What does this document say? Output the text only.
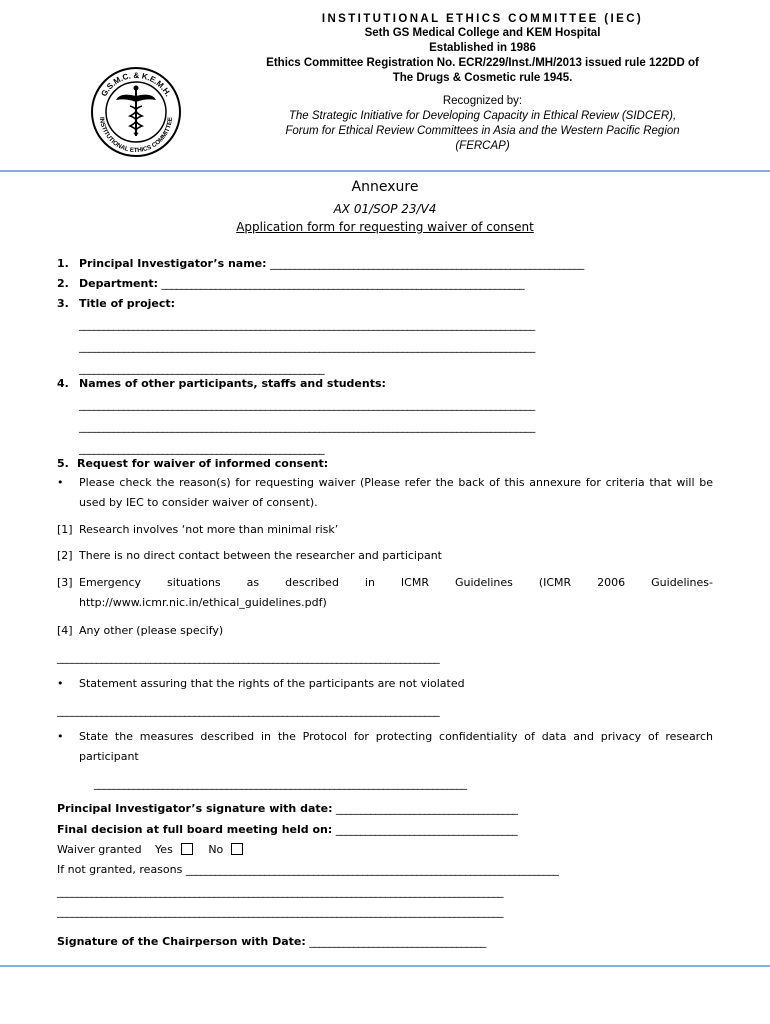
G.S.M.C. & K.E.M.H.
INSTITUTIONAL ETHICS COMMITTEE
INSTITUTIONAL ETHICS COMMITTEE (IEC)
Seth GS Medical College and KEM Hospital
Established in 1986
Ethics Committee Registration No. ECR/229/Inst./MH/2013 issued rule 122DD of
The Drugs & Cosmetic rule 1945.
Recognized by:
The Strategic Initiative for Developing Capacity in Ethical Review (SIDCER),
Forum for Ethical Review Committees in Asia and the Western Pacific Region
(FERCAP)
Annexure
AX 01/SOP 23/V4
Application form for requesting waiver of consent
1. Principal Investigator’s name: ________________________________________________________________
2. Department: __________________________________________________________________________
3. Title of project:
_____________________________________________________________________________________________
_____________________________________________________________________________________________
__________________________________________________
4. Names of other participants, staffs and students:
_____________________________________________________________________________________________
_____________________________________________________________________________________________
__________________________________________________
5. Request for waiver of informed consent:
• Please check the reason(s) for requesting waiver (Please refer the back of this annexure for criteria that will be used by IEC to consider waiver of consent).
[1] Research involves ‘not more than minimal risk’
[2] There is no direct contact between the researcher and participant
[3] Emergency situations as described in ICMR Guidelines (ICMR 2006 Guidelines-http://www.icmr.nic.in/ethical_guidelines.pdf)
[4] Any other (please specify)
______________________________________________________________________________
• Statement assuring that the rights of the participants are not violated
______________________________________________________________________________
• State the measures described in the Protocol for protecting confidentiality of data and privacy of research participant
____________________________________________________________________________
Principal Investigator’s signature with date: _____________________________________
Final decision at full board meeting held on: _____________________________________
Waiver granted Yes	No
If not granted, reasons ____________________________________________________________________________
___________________________________________________________________________________________
___________________________________________________________________________________________
Signature of the Chairperson with Date: ____________________________________
